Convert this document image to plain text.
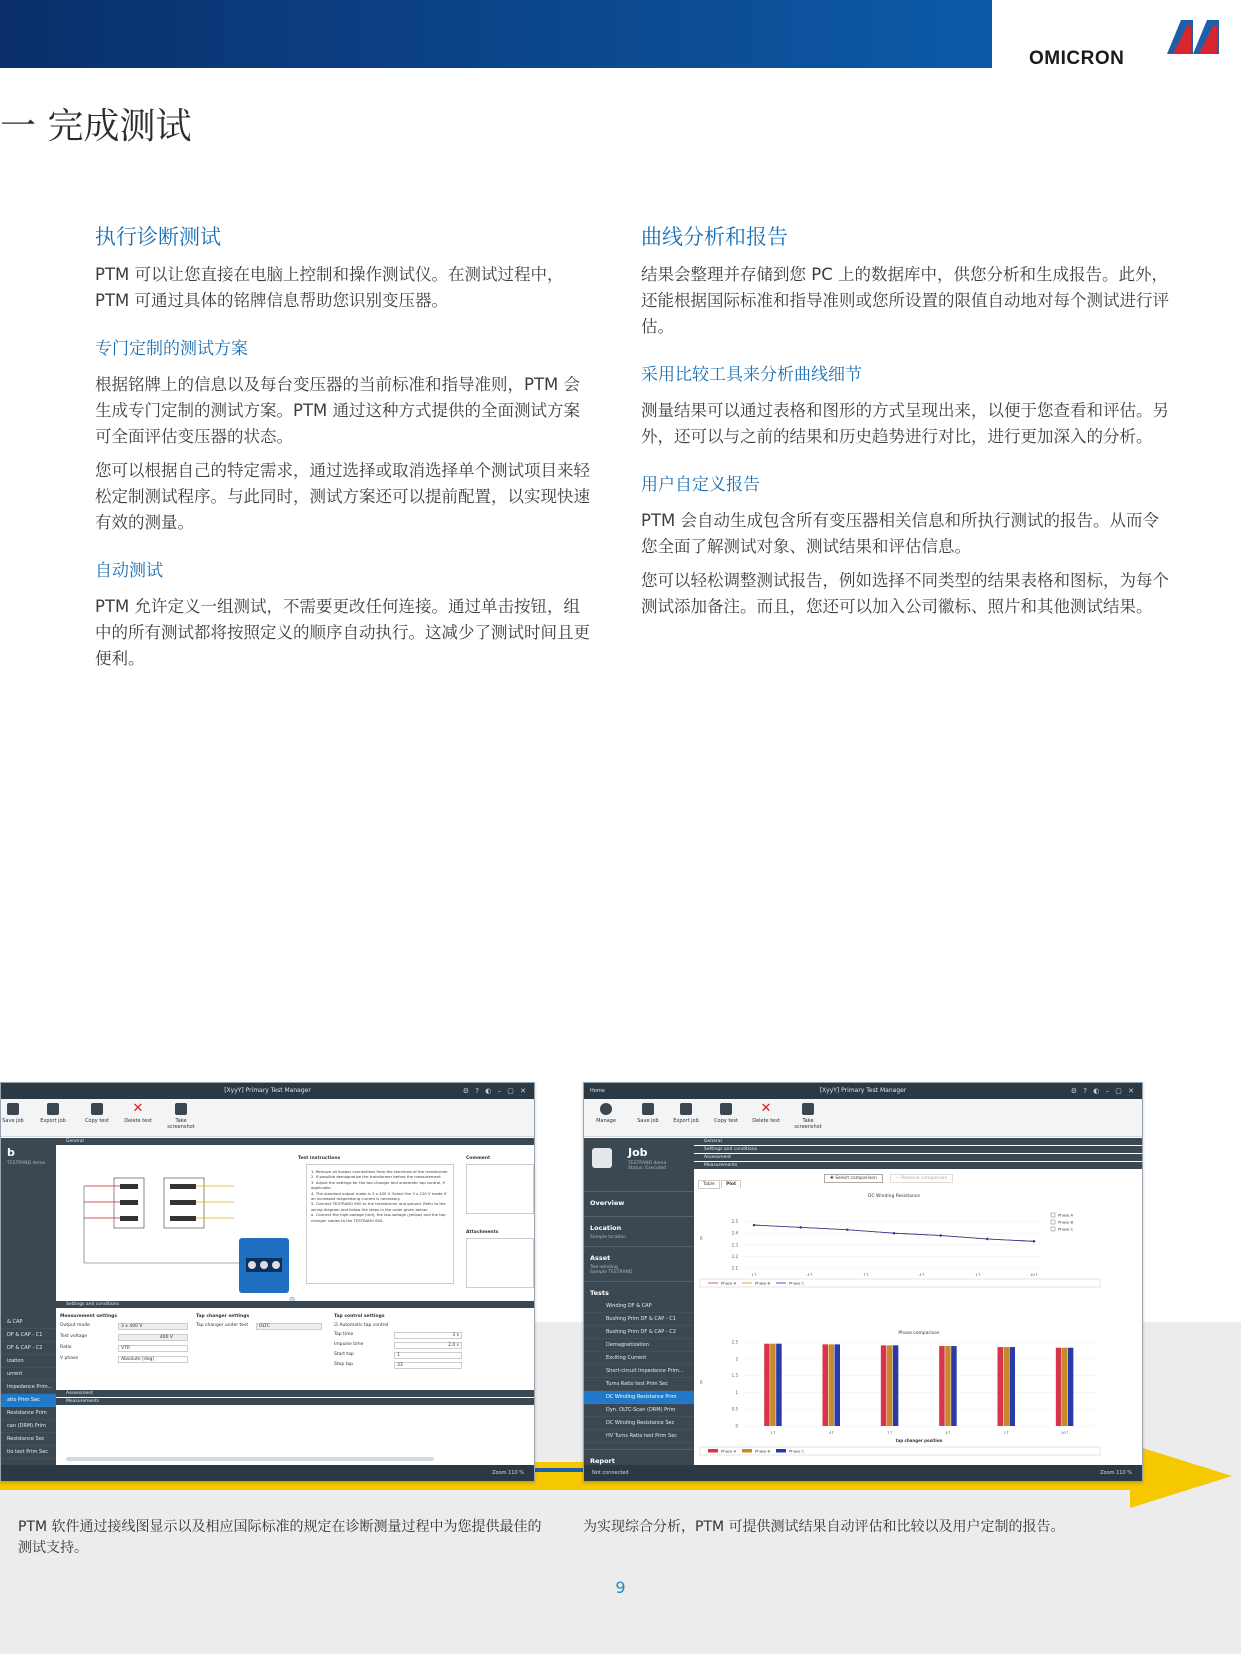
OMICRON
一 完成测试
执行诊断测试

PTM 可以让您直接在电脑上控制和操作测试仪。在测试过程中，PTM 可通过具体的铭牌信息帮助您识别变压器。

专门定制的测试方案

根据铭牌上的信息以及每台变压器的当前标准和指导准则，PTM 会生成专门定制的测试方案。PTM 通过这种方式提供的全面测试方案可全面评估变压器的状态。

您可以根据自己的特定需求，通过选择或取消选择单个测试项目来轻松定制测试程序。与此同时，测试方案还可以提前配置，以实现快速有效的测量。

自动测试

PTM 允许定义一组测试，不需要更改任何连接。通过单击按钮，组中的所有测试都将按照定义的顺序自动执行。这减少了测试时间且更便利。

曲线分析和报告

结果会整理并存储到您 PC 上的数据库中，供您分析和生成报告。此外，还能根据国际标准和指导准则或您所设置的限值自动地对每个测试进行评估。

采用比较工具来分析曲线细节

测量结果可以通过表格和图形的方式呈现出来，以便于您查看和评估。另外，还可以与之前的结果和历史趋势进行对比，进行更加深入的分析。

用户自定义报告

PTM 会自动生成包含所有变压器相关信息和所执行测试的报告。从而令您全面了解测试对象、测试结果和评估信息。

您可以轻松调整测试报告，例如选择不同类型的结果表格和图标，为每个测试添加备注。而且，您还可以加入公司徽标、照片和其他测试结果。

[XyyY] Primary Test Manager	⚙ ? ◐ – ▢ ✕
Save job	Export job	Copy test
✕
Delete test	Take screenshot
b
TESTRAND demo
& CAP
DF & CAP - C1
DF & CAP - C2
ization
urrent
Impedance Prim...
atio Prim Sec
Resistance Prim
can (DRM) Prim
Resistance Sec
tio test Prim Sec
General
Test instructions
1. Remove all busbar connections from the terminals of the transformer.
2. If possible demagnetize the transformer before the measurement.
3. Adjust the settings for the tap changer and automatic tap control, if applicable.
4. The standard output mode is 3 x 400 V. Select the 3 x 120 V mode if an increased magnetizing current is necessary.
5. Connect TESTRANO 600 to the transformer and ground. Refer to the wiring diagram and follow the steps in the order given below:
a. Connect the high-voltage (red), the low-voltage (yellow) and the tap changer cables to the TESTRANO 600.
Comment
Attachments
Settings and conditions
Measurement settings
Output mode	3 x 400 V
Test voltage	400 V
Ratio	VTR
V phase	Absolute (deg)
Tap changer settings
Tap changer under test	OLTC
Tap control settings
☑ Automatic tap control
Tap time	3 s
Impulse time	2.0 s
Start tap	1
Stop tap	33
Assessment
Measurements
Zoom 110 %
Home	[XyyY] Primary Test Manager	⚙ ? ◐ – ▢ ✕
Manage	Save job	Export job	Copy test
✕
Delete test	Take screenshot
Job
TESTRANO demo
Status: Executed
Overview
Location
Sample location
Asset
Two-winding
Sample TESTRANO
Tests
Winding DF & CAP
Bushing Prim DF & CAP - C1
Bushing Prim DF & CAP - C2
Demagnetization
Exciting Current
Short-circuit Impedance Prim...
Turns Ratio test Prim Sec
DC Winding Resistance Prim
Dyn. OLTC-Scan (DRM) Prim
DC Winding Resistance Sec
HV Turns Ratio test Prim Sec
Report
General
Settings and conditions
Assessment
Measurements
Table	Plot
✚ Select comparison	− Remove comparison
DC Winding Resistance
2.5
2.4
2.3
2.2
2.1
R
1↑	4↑	7↑	4↑	1↑	10↑
Phase A
Phase B
Phase C
Phase A	Phase B	Phase C
Phase comparison
2.5
2
1.5
1
0.5
0
R
1↑	4↑	7↑	4↑	1↑	10↑
tap changer position
Phase A	Phase B	Phase C
Not connected	Zoom 110 %
PTM 软件通过接线图显示以及相应国际标准的规定在诊断测量过程中为您提供最佳的测试支持。
为实现综合分析，PTM 可提供测试结果自动评估和比较以及用户定制的报告。
9
